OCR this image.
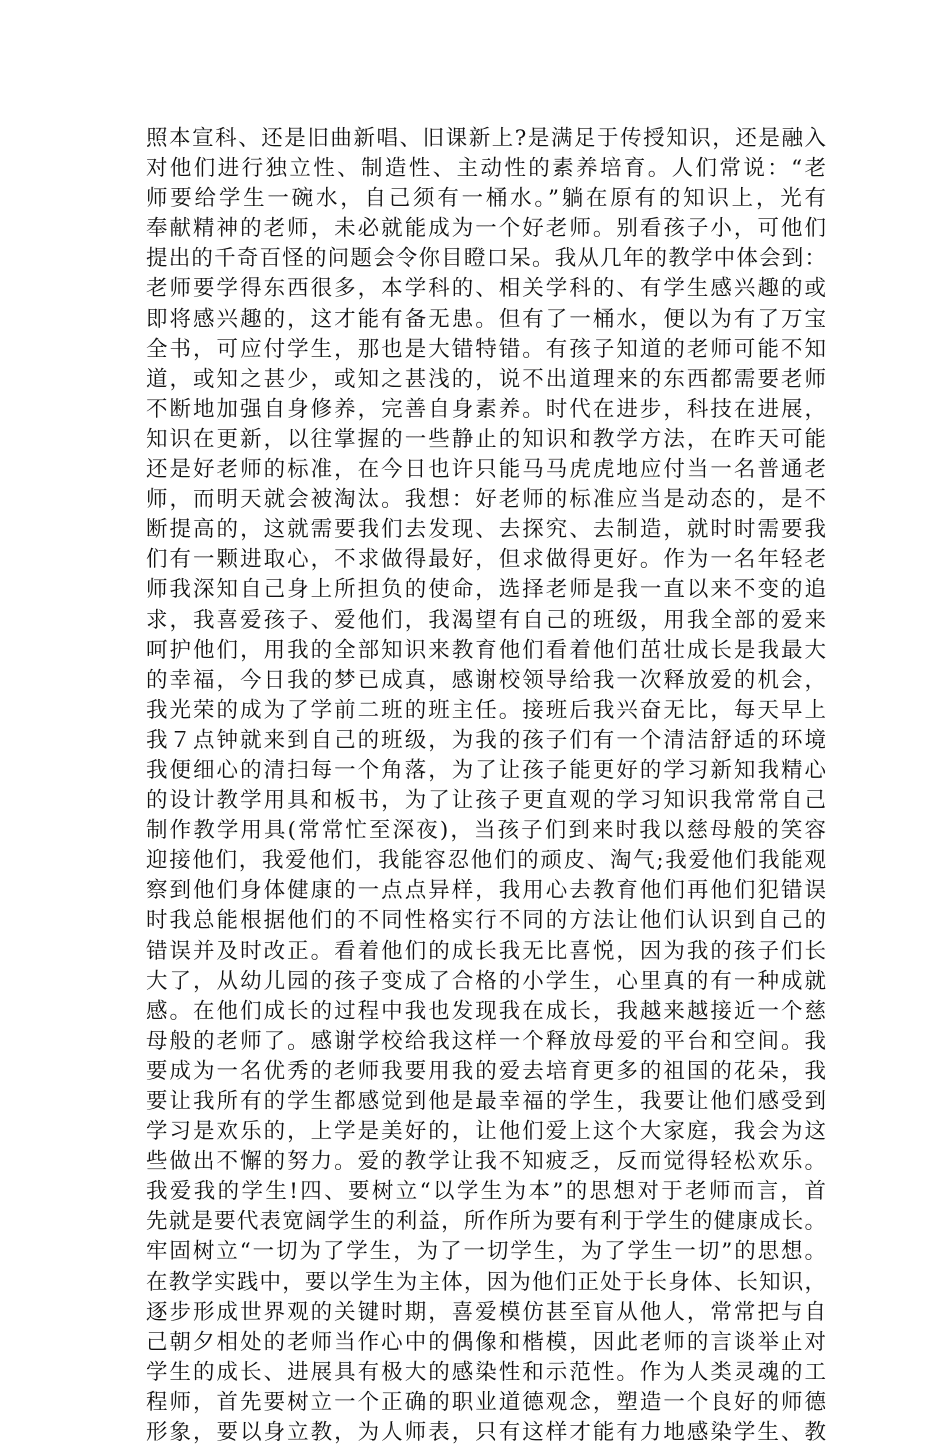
照本宣科、还是旧曲新唱、旧课新上?是满足于传授知识，还是融入
对他们进行独立性、制造性、主动性的素养培育。人们常说：“老
师要给学生一碗水，自己须有一桶水。”躺在原有的知识上，光有
奉献精神的老师，未必就能成为一个好老师。别看孩子小，可他们
提出的千奇百怪的问题会令你目瞪口呆。我从几年的教学中体会到：
老师要学得东西很多，本学科的、相关学科的、有学生感兴趣的或
即将感兴趣的，这才能有备无患。但有了一桶水，便以为有了万宝
全书，可应付学生，那也是大错特错。有孩子知道的老师可能不知
道，或知之甚少，或知之甚浅的，说不出道理来的东西都需要老师
不断地加强自身修养，完善自身素养。时代在进步，科技在进展，
知识在更新，以往掌握的一些静止的知识和教学方法，在昨天可能
还是好老师的标准，在今日也许只能马马虎虎地应付当一名普通老
师，而明天就会被淘汰。我想：好老师的标准应当是动态的，是不
断提高的，这就需要我们去发现、去探究、去制造，就时时需要我
们有一颗进取心，不求做得最好，但求做得更好。作为一名年轻老
师我深知自己身上所担负的使命，选择老师是我一直以来不变的追
求，我喜爱孩子、爱他们，我渴望有自己的班级，用我全部的爱来
呵护他们，用我的全部知识来教育他们看着他们茁壮成长是我最大
的幸福，今日我的梦已成真，感谢校领导给我一次释放爱的机会，
我光荣的成为了学前二班的班主任。接班后我兴奋无比，每天早上
我７点钟就来到自己的班级，为我的孩子们有一个清洁舒适的环境
我便细心的清扫每一个角落，为了让孩子能更好的学习新知我精心
的设计教学用具和板书，为了让孩子更直观的学习知识我常常自己
制作教学用具(常常忙至深夜)，当孩子们到来时我以慈母般的笑容
迎接他们，我爱他们，我能容忍他们的顽皮、淘气;我爱他们我能观
察到他们身体健康的一点点异样，我用心去教育他们再他们犯错误
时我总能根据他们的不同性格实行不同的方法让他们认识到自己的
错误并及时改正。看着他们的成长我无比喜悦，因为我的孩子们长
大了，从幼儿园的孩子变成了合格的小学生，心里真的有一种成就
感。在他们成长的过程中我也发现我在成长，我越来越接近一个慈
母般的老师了。感谢学校给我这样一个释放母爱的平台和空间。我
要成为一名优秀的老师我要用我的爱去培育更多的祖国的花朵，我
要让我所有的学生都感觉到他是最幸福的学生，我要让他们感受到
学习是欢乐的，上学是美好的，让他们爱上这个大家庭，我会为这
些做出不懈的努力。爱的教学让我不知疲乏，反而觉得轻松欢乐。
我爱我的学生!四、要树立“以学生为本”的思想对于老师而言，首
先就是要代表宽阔学生的利益，所作所为要有利于学生的健康成长。
牢固树立“一切为了学生，为了一切学生，为了学生一切”的思想。
在教学实践中，要以学生为主体，因为他们正处于长身体、长知识，
逐步形成世界观的关键时期，喜爱模仿甚至盲从他人，常常把与自
己朝夕相处的老师当作心中的偶像和楷模，因此老师的言谈举止对
学生的成长、进展具有极大的感染性和示范性。作为人类灵魂的工
程师，首先要树立一个正确的职业道德观念，塑造一个良好的师德
形象，要以身立教，为人师表，只有这样才能有力地感染学生、教
